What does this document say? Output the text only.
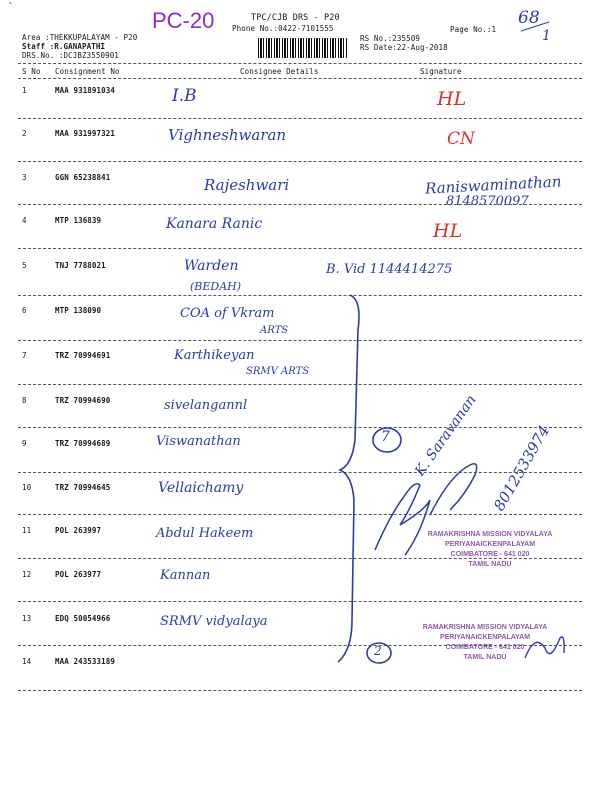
`
PC-20	68
1
TPC/CJB DRS - P20
Phone No.:0422-7101555	Page No.:1
Area :THEKKUPALAYAM - P20
Staff :R.GANAPATHI
DRS.No. :DCJBZ3550901
RS No.:235509
RS Date:22-Aug-2018
S No Consignment No	Consignee Details	Signature
1	MAA 931891034	I.B	HL
2	MAA 931997321	Vighneshwaran	CN
3	GGN 65238841	Rajeshwari	Raniswaminathan
8148570097
4	MTP 136839	Kanara Ranic	HL
5	TNJ 7788021	Warden
(BEDAH)
B. Vid 1144414275
6	MTP 138090	COA of Vkram
ARTS
7	TRZ 70994691	Karthikeyan
SRMV ARTS
8	TRZ 70994690	sivelangannl
9	TRZ 70994689	Viswanathan
10	TRZ 70994645	Vellaichamy
11	POL 263997	Abdul Hakeem
12	POL 263977	Kannan
13	EDQ 50054966	SRMV vidyalaya
14	MAA 243533189
7
2
K. Saravanan 8012533974
RAMAKRISHNA MISSION VIDYALAYA
PERIYANAICKENPALAYAM
COIMBATORE - 641 020
TAMIL NADU
RAMAKRISHNA MISSION VIDYALAYA
PERIYANAICKENPALAYAM
COIMBATORE - 641 020
TAMIL NADU
